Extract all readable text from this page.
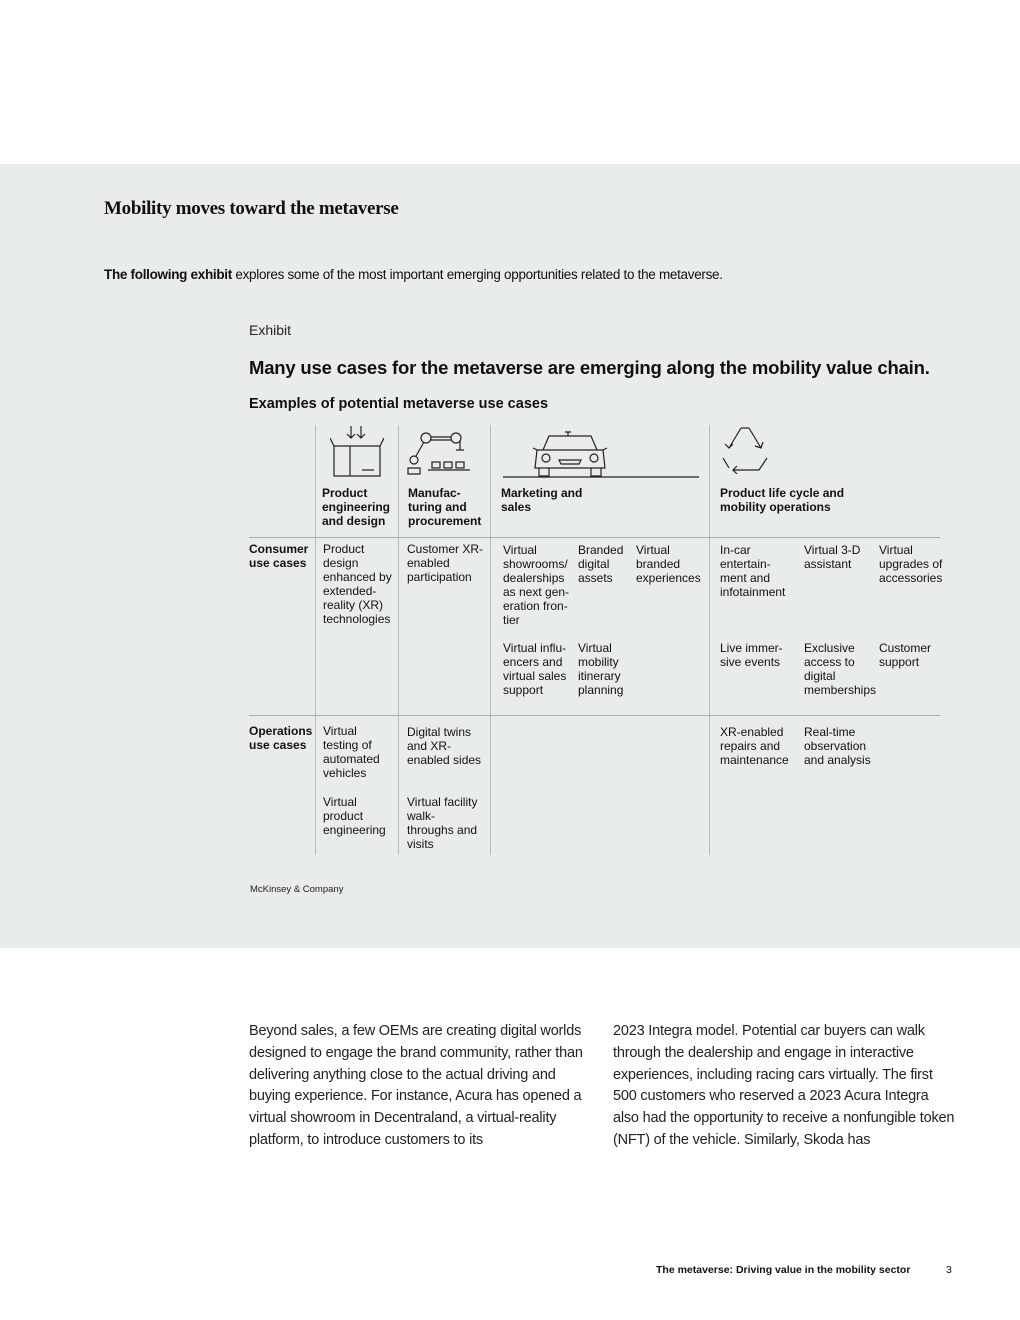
Mobility moves toward the metaverse
The following exhibit explores some of the most important emerging opportunities related to the metaverse.
Exhibit
Many use cases for the metaverse are emerging along the mobility value chain.
Examples of potential metaverse use cases
Product engineering and design
Manufac- turing and procurement
Marketing and sales
Product life cycle and mobility operations
Consumer use cases
Operations use cases
Product design enhanced by extended- reality (XR) technologies
Customer XR-enabled participation
Virtual showrooms/ dealerships as next gen- eration fron- tier
Branded digital assets
Virtual branded experiences
Virtual influ- encers and virtual sales support
Virtual mobility itinerary planning
In-car entertain- ment and infotainment
Virtual 3-D assistant
Virtual upgrades of accessories
Live immer- sive events
Exclusive access to digital memberships
Customer support
Virtual testing of automated vehicles
Virtual product engineering
Digital twins and XR- enabled sides
Virtual facility walk- throughs and visits
XR-enabled repairs and maintenance
Real-time observation and analysis
McKinsey & Company
Beyond sales, a few OEMs are creating digital worlds designed to engage the brand community, rather than delivering anything close to the actual driving and buying experience. For instance, Acura has opened a virtual showroom in Decentraland, a virtual-reality platform, to introduce customers to its
2023 Integra model. Potential car buyers can walk through the dealership and engage in interactive experiences, including racing cars virtually. The first 500 customers who reserved a 2023 Acura Integra also had the opportunity to receive a nonfungible token (NFT) of the vehicle. Similarly, Skoda has
The metaverse: Driving value in the mobility sector	3
